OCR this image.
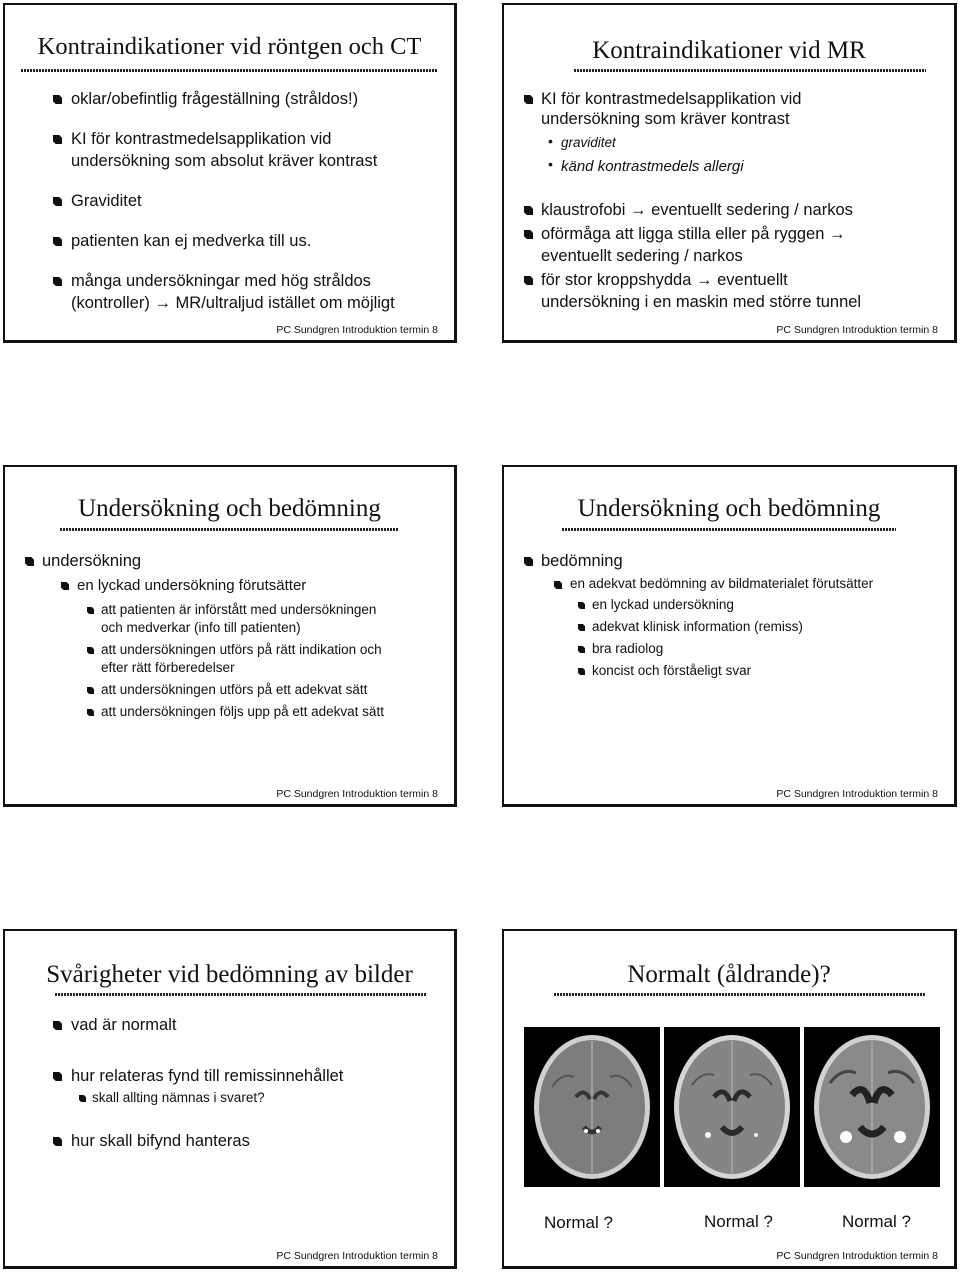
Kontraindikationer vid röntgen och CT
oklar/obefintlig frågeställning (stråldos!)
KI för kontrastmedelsapplikation vid
undersökning som absolut kräver kontrast
Graviditet
patienten kan ej medverka till us.
många undersökningar med hög stråldos
(kontroller) → MR/ultraljud istället om möjligt
PC Sundgren Introduktion termin 8
Kontraindikationer vid MR
KI för kontrastmedelsapplikation vid
undersökning som kräver kontrast
• graviditet
• känd kontrastmedels allergi
klaustrofobi → eventuellt sedering / narkos
oförmåga att ligga stilla eller på ryggen →
eventuellt sedering / narkos
för stor kroppshydda → eventuellt
undersökning i en maskin med större tunnel
PC Sundgren Introduktion termin 8
Undersökning och bedömning
undersökning
en lyckad undersökning förutsätter
att patienten är införstått med undersökningen
och medverkar (info till patienten)
att undersökningen utförs på rätt indikation och
efter rätt förberedelser
att undersökningen utförs på ett adekvat sätt
att undersökningen följs upp på ett adekvat sätt
PC Sundgren Introduktion termin 8
Undersökning och bedömning
bedömning
en adekvat bedömning av bildmaterialet förutsätter
en lyckad undersökning
adekvat klinisk information (remiss)
bra radiolog
koncist och förståeligt svar
PC Sundgren Introduktion termin 8
Svårigheter vid bedömning av bilder
vad är normalt
hur relateras fynd till remissinnehållet
skall allting nämnas i svaret?
hur skall bifynd hanteras
PC Sundgren Introduktion termin 8
Normalt (åldrande)?
Normal ?	Normal ?	Normal ?
PC Sundgren Introduktion termin 8
